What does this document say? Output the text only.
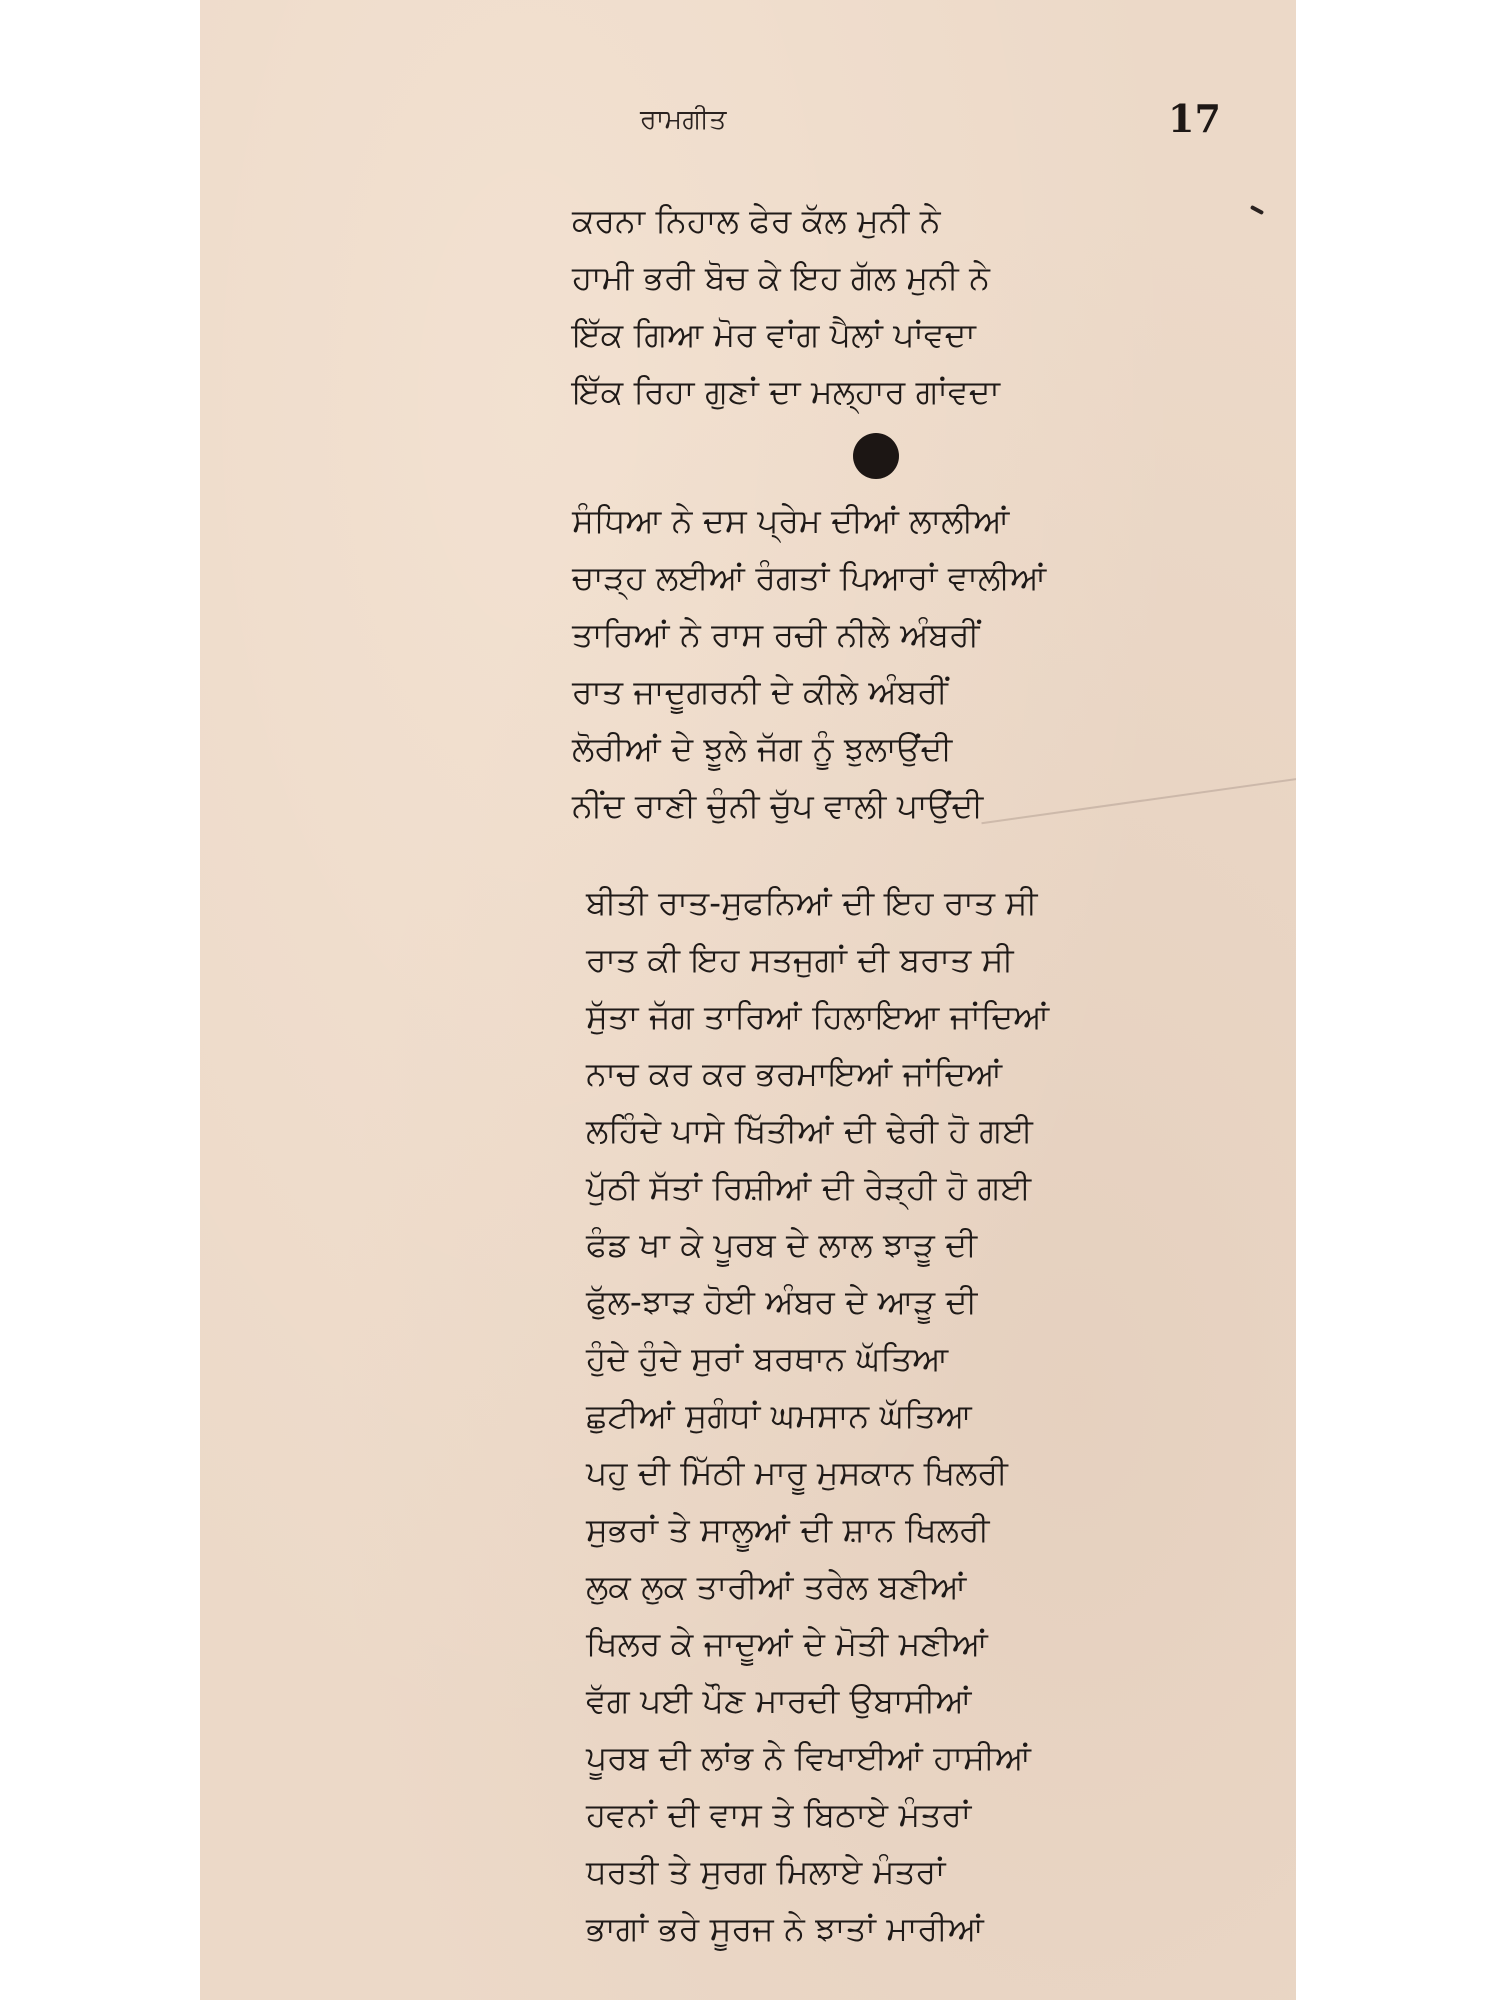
ਰਾਮਗੀਤ	17
ਕਰਨਾ ਨਿਹਾਲ ਫੇਰ ਕੱਲ ਮੁਨੀ ਨੇ
ਹਾਮੀ ਭਰੀ ਬੋਚ ਕੇ ਇਹ ਗੱਲ ਮੁਨੀ ਨੇ
ਇੱਕ ਗਿਆ ਮੋਰ ਵਾਂਗ ਪੈਲਾਂ ਪਾਂਵਦਾ
ਇੱਕ ਰਿਹਾ ਗੁਣਾਂ ਦਾ ਮਲ੍ਹਾਰ ਗਾਂਵਦਾ
ਸੰਧਿਆ ਨੇ ਦਸ ਪ੍ਰੇਮ ਦੀਆਂ ਲਾਲੀਆਂ
ਚਾੜ੍ਹ ਲਈਆਂ ਰੰਗਤਾਂ ਪਿਆਰਾਂ ਵਾਲੀਆਂ
ਤਾਰਿਆਂ ਨੇ ਰਾਸ ਰਚੀ ਨੀਲੇ ਅੰਬਰੀਂ
ਰਾਤ ਜਾਦੂਗਰਨੀ ਦੇ ਕੀਲੇ ਅੰਬਰੀਂ
ਲੋਰੀਆਂ ਦੇ ਝੂਲੇ ਜੱਗ ਨੂੰ ਝੁਲਾਉਂਦੀ
ਨੀਂਦ ਰਾਣੀ ਚੁੰਨੀ ਚੁੱਪ ਵਾਲੀ ਪਾਉਂਦੀ
ਬੀਤੀ ਰਾਤ-ਸੁਫਨਿਆਂ ਦੀ ਇਹ ਰਾਤ ਸੀ
ਰਾਤ ਕੀ ਇਹ ਸਤਜੁਗਾਂ ਦੀ ਬਰਾਤ ਸੀ
ਸੁੱਤਾ ਜੱਗ ਤਾਰਿਆਂ ਹਿਲਾਇਆ ਜਾਂਦਿਆਂ
ਨਾਚ ਕਰ ਕਰ ਭਰਮਾਇਆਂ ਜਾਂਦਿਆਂ
ਲਹਿੰਦੇ ਪਾਸੇ ਖਿੱਤੀਆਂ ਦੀ ਢੇਰੀ ਹੋ ਗਈ
ਪੁੱਠੀ ਸੱਤਾਂ ਰਿਸ਼ੀਆਂ ਦੀ ਰੇੜ੍ਹੀ ਹੋ ਗਈ
ਫੰਡ ਖਾ ਕੇ ਪੂਰਬ ਦੇ ਲਾਲ ਝਾੜੂ ਦੀ
ਫੁੱਲ-ਝਾੜ ਹੋਈ ਅੰਬਰ ਦੇ ਆੜੂ ਦੀ
ਹੁੰਦੇ ਹੁੰਦੇ ਸੁਰਾਂ ਬਰਥਾਨ ਘੱਤਿਆ
ਛੁਟੀਆਂ ਸੁਗੰਧਾਂ ਘਮਸਾਨ ਘੱਤਿਆ
ਪਹੁ ਦੀ ਮਿੱਠੀ ਮਾਰੂ ਮੁਸਕਾਨ ਖਿਲਰੀ
ਸੁਭਰਾਂ ਤੇ ਸਾਲੂਆਂ ਦੀ ਸ਼ਾਨ ਖਿਲਰੀ
ਲੁਕ ਲੁਕ ਤਾਰੀਆਂ ਤਰੇਲ ਬਣੀਆਂ
ਖਿਲਰ ਕੇ ਜਾਦੂਆਂ ਦੇ ਮੋਤੀ ਮਣੀਆਂ
ਵੱਗ ਪਈ ਪੌਣ ਮਾਰਦੀ ਉਬਾਸੀਆਂ
ਪੂਰਬ ਦੀ ਲਾਂਭ ਨੇ ਵਿਖਾਈਆਂ ਹਾਸੀਆਂ
ਹਵਨਾਂ ਦੀ ਵਾਸ ਤੇ ਬਿਠਾਏ ਮੰਤਰਾਂ
ਧਰਤੀ ਤੇ ਸੁਰਗ ਮਿਲਾਏ ਮੰਤਰਾਂ
ਭਾਗਾਂ ਭਰੇ ਸੂਰਜ ਨੇ ਝਾਤਾਂ ਮਾਰੀਆਂ
